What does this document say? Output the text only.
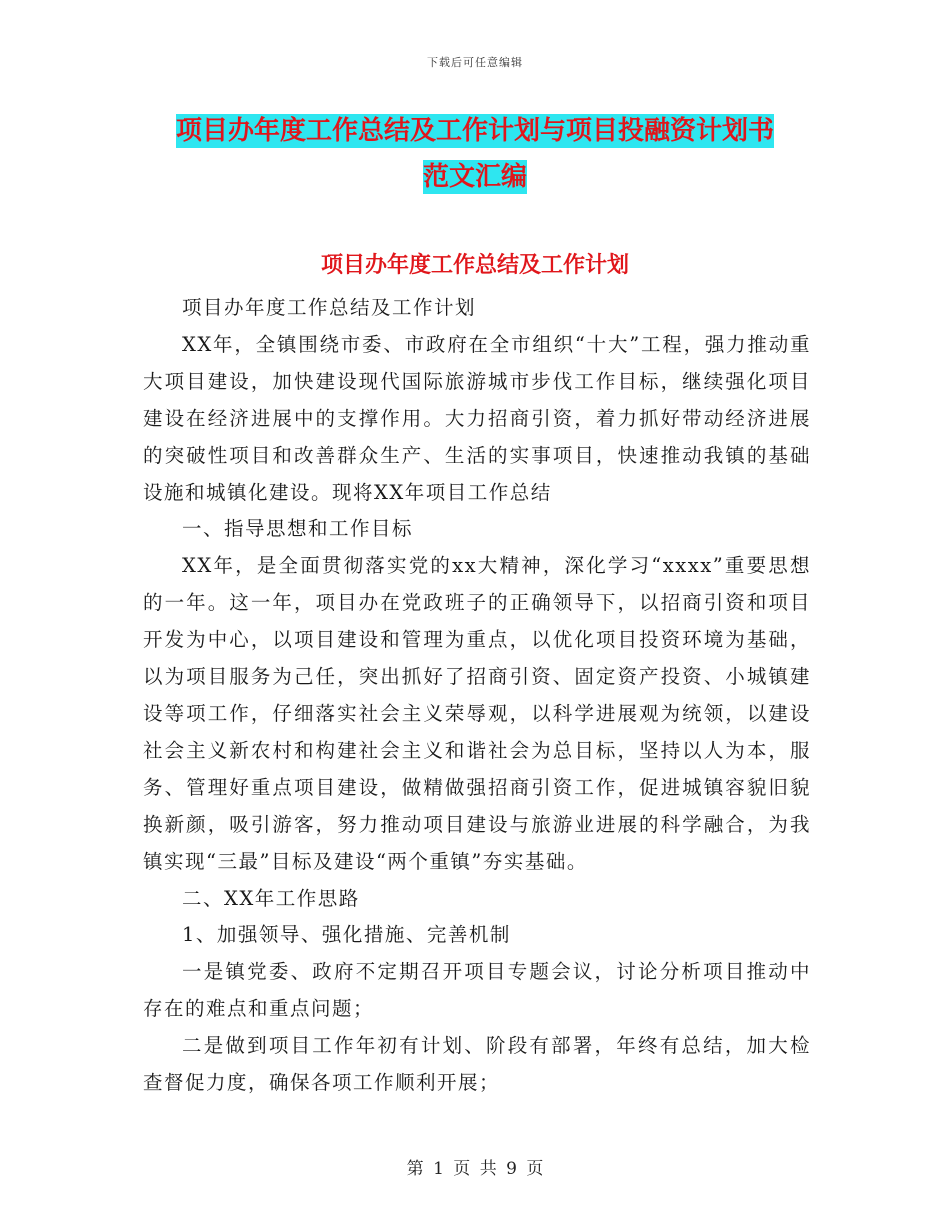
下载后可任意编辑
项目办年度工作总结及工作计划与项目投融资计划书
范文汇编
项目办年度工作总结及工作计划

项目办年度工作总结及工作计划

XX年，全镇围绕市委、市政府在全市组织“十大”工程，强力推动重大项目建设，加快建设现代国际旅游城市步伐工作目标，继续强化项目建设在经济进展中的支撑作用。大力招商引资，着力抓好带动经济进展的突破性项目和改善群众生产、生活的实事项目，快速推动我镇的基础设施和城镇化建设。现将XX年项目工作总结

一、指导思想和工作目标

XX年，是全面贯彻落实党的xx大精神，深化学习“xxxx”重要思想的一年。这一年，项目办在党政班子的正确领导下，以招商引资和项目开发为中心，以项目建设和管理为重点，以优化项目投资环境为基础，以为项目服务为己任，突出抓好了招商引资、固定资产投资、小城镇建设等项工作，仔细落实社会主义荣辱观，以科学进展观为统领，以建设社会主义新农村和构建社会主义和谐社会为总目标，坚持以人为本，服务、管理好重点项目建设，做精做强招商引资工作，促进城镇容貌旧貌换新颜，吸引游客，努力推动项目建设与旅游业进展的科学融合，为我镇实现“三最”目标及建设“两个重镇”夯实基础。

二、XX年工作思路

1、加强领导、强化措施、完善机制

一是镇党委、政府不定期召开项目专题会议，讨论分析项目推动中存在的难点和重点问题；

二是做到项目工作年初有计划、阶段有部署，年终有总结，加大检查督促力度，确保各项工作顺利开展；

第 1 页 共 9 页
